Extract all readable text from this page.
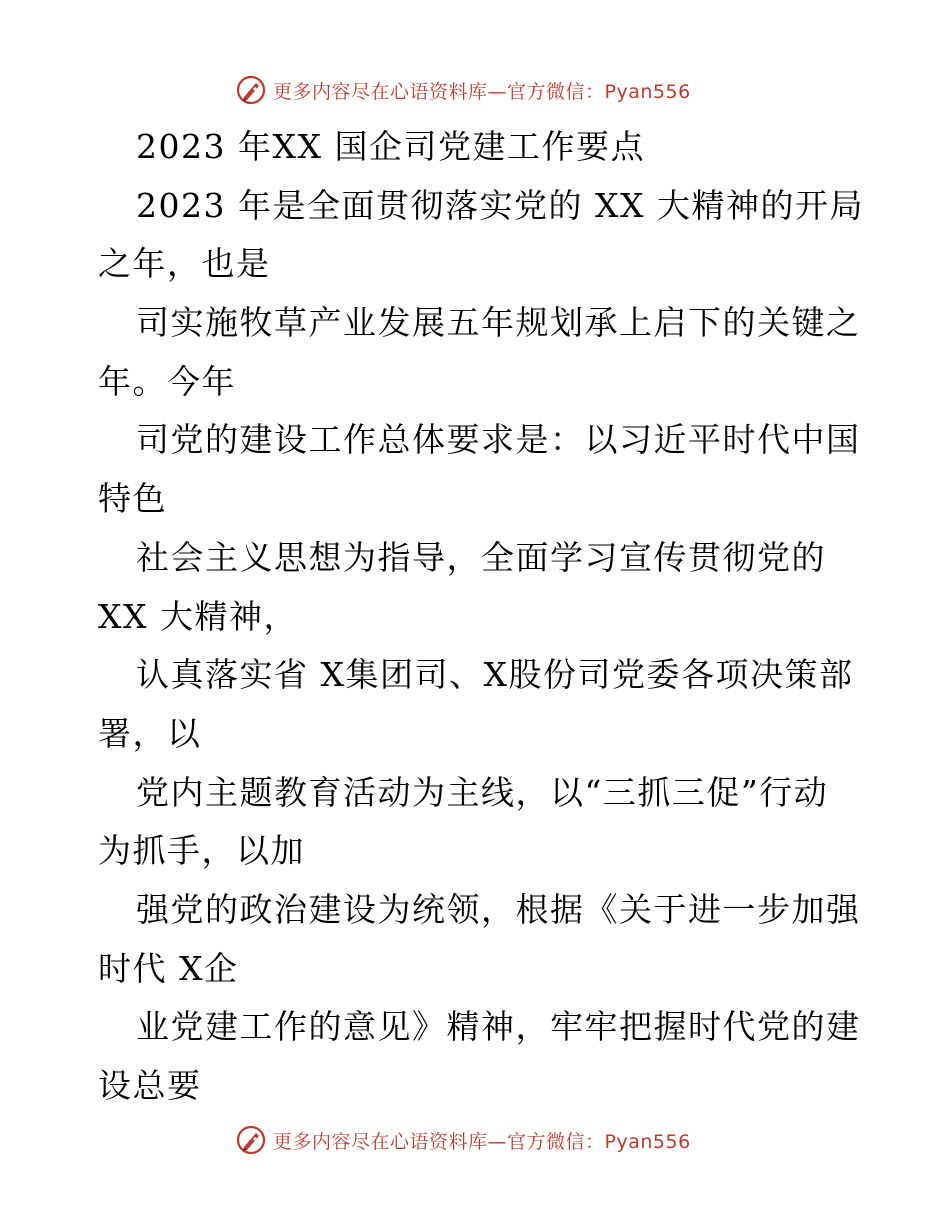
更多内容尽在心语资料库—官方微信：Pyan556
2023 年XX 国企司党建工作要点
2023 年是全面贯彻落实党的 XX 大精神的开局
之年，也是
司实施牧草产业发展五年规划承上启下的关键之
年。今年
司党的建设工作总体要求是：以习近平时代中国
特色
社会主义思想为指导，全面学习宣传贯彻党的
XX 大精神，
认真落实省 X集团司、X股份司党委各项决策部
署，以
党内主题教育活动为主线，以“三抓三促”行动
为抓手，以加
强党的政治建设为统领，根据《关于进一步加强
时代 X企
业党建工作的意见》精神，牢牢把握时代党的建
设总要
更多内容尽在心语资料库—官方微信：Pyan556
